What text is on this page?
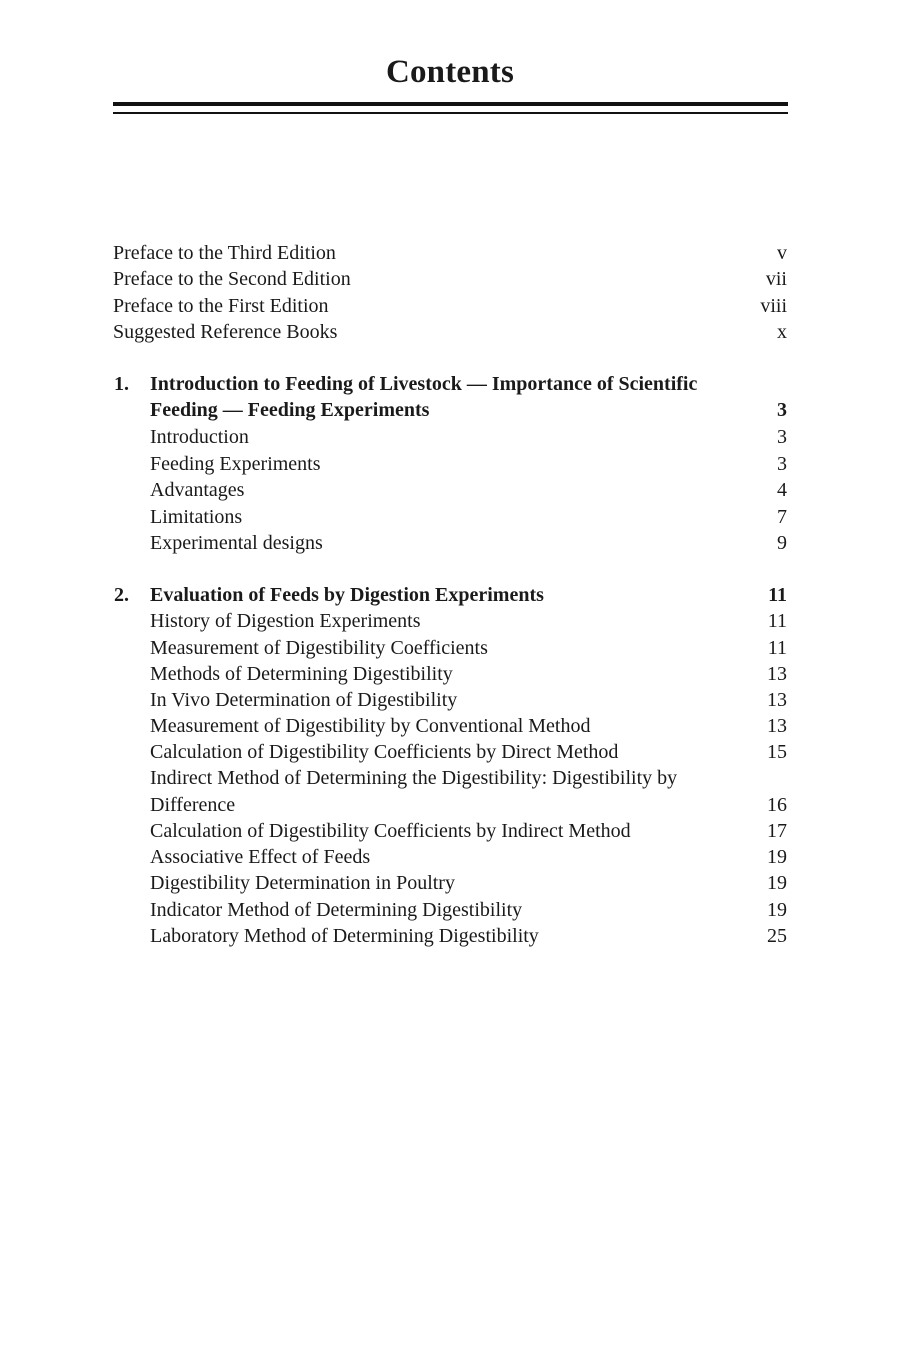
Contents
Preface to the Third Edition	v
Preface to the Second Edition	vii
Preface to the First Edition	viii
Suggested Reference Books	x
1. Introduction to Feeding of Livestock — Importance of Scientific
Feeding — Feeding Experiments	3
Introduction	3
Feeding Experiments	3
Advantages	4
Limitations	7
Experimental designs	9
2. Evaluation of Feeds by Digestion Experiments	11
History of Digestion Experiments	11
Measurement of Digestibility Coefficients	11
Methods of Determining Digestibility	13
In Vivo Determination of Digestibility	13
Measurement of Digestibility by Conventional Method	13
Calculation of Digestibility Coefficients by Direct Method	15
Indirect Method of Determining the Digestibility: Digestibility by
Difference	16
Calculation of Digestibility Coefficients by Indirect Method	17
Associative Effect of Feeds	19
Digestibility Determination in Poultry	19
Indicator Method of Determining Digestibility	19
Laboratory Method of Determining Digestibility	25
